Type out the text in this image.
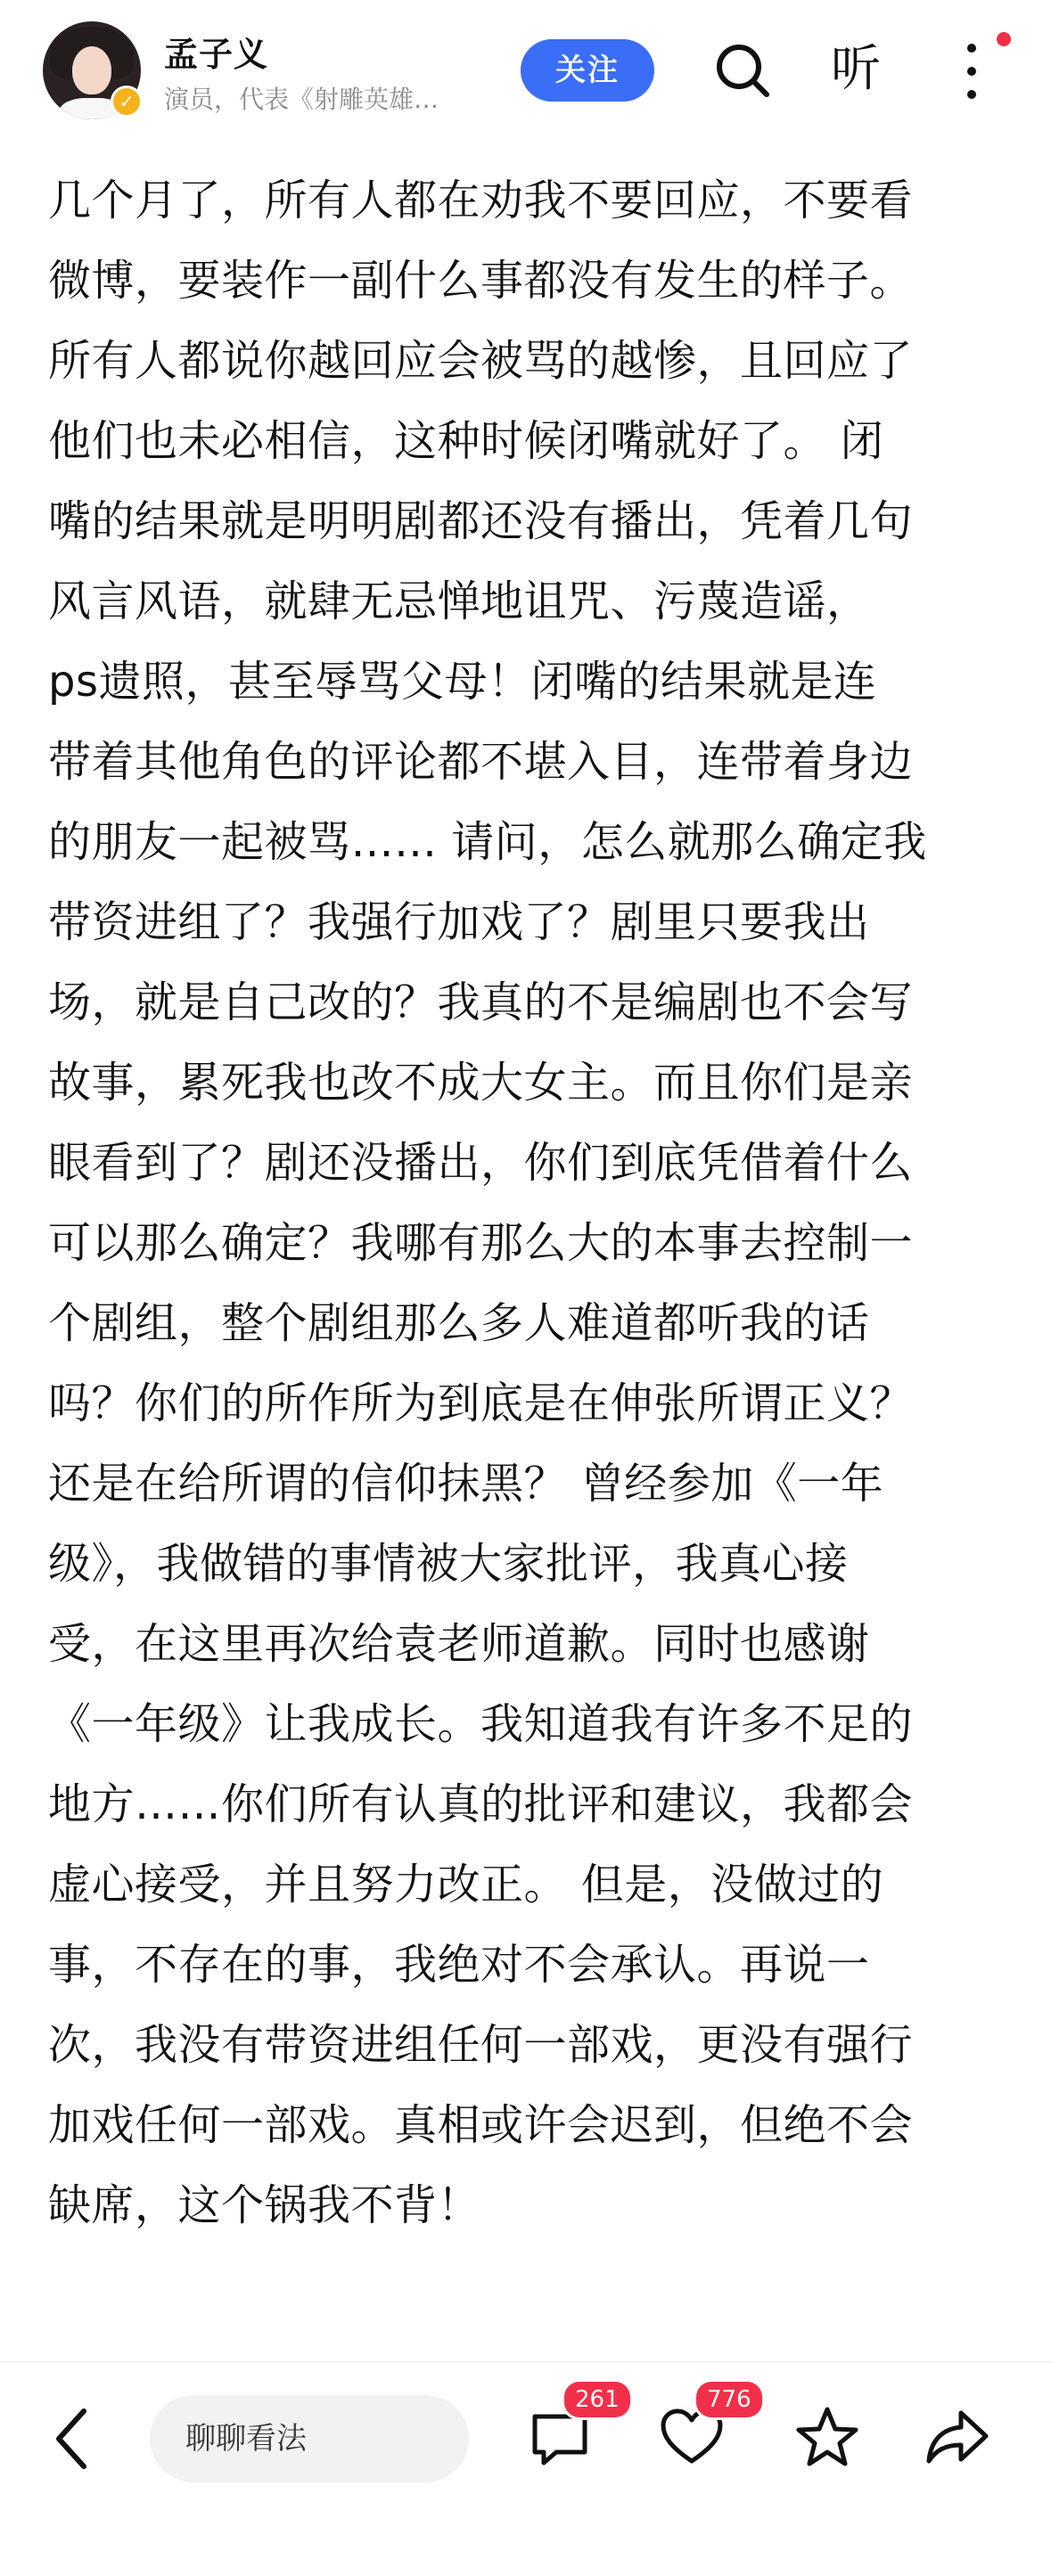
✓
孟子义
演员，代表《射雕英雄…
关注	听
几个月了，所有人都在劝我不要回应，不要看
微博，要装作一副什么事都没有发生的样子。
所有人都说你越回应会被骂的越惨，且回应了
他们也未必相信，这种时候闭嘴就好了。 闭
嘴的结果就是明明剧都还没有播出，凭着几句
风言风语，就肆无忌惮地诅咒、污蔑造谣，
ps遗照，甚至辱骂父母！闭嘴的结果就是连
带着其他角色的评论都不堪入目，连带着身边
的朋友一起被骂…… 请问，怎么就那么确定我
带资进组了？我强行加戏了？剧里只要我出
场，就是自己改的？我真的不是编剧也不会写
故事，累死我也改不成大女主。而且你们是亲
眼看到了？剧还没播出，你们到底凭借着什么
可以那么确定？我哪有那么大的本事去控制一
个剧组，整个剧组那么多人难道都听我的话
吗？你们的所作所为到底是在伸张所谓正义？
还是在给所谓的信仰抹黑？ 曾经参加《一年
级》，我做错的事情被大家批评，我真心接
受，在这里再次给袁老师道歉。同时也感谢
《一年级》让我成长。我知道我有许多不足的
地方……你们所有认真的批评和建议，我都会
虚心接受，并且努力改正。 但是，没做过的
事，不存在的事，我绝对不会承认。再说一
次，我没有带资进组任何一部戏，更没有强行
加戏任何一部戏。真相或许会迟到，但绝不会
缺席，这个锅我不背！
聊聊看法
261	776
